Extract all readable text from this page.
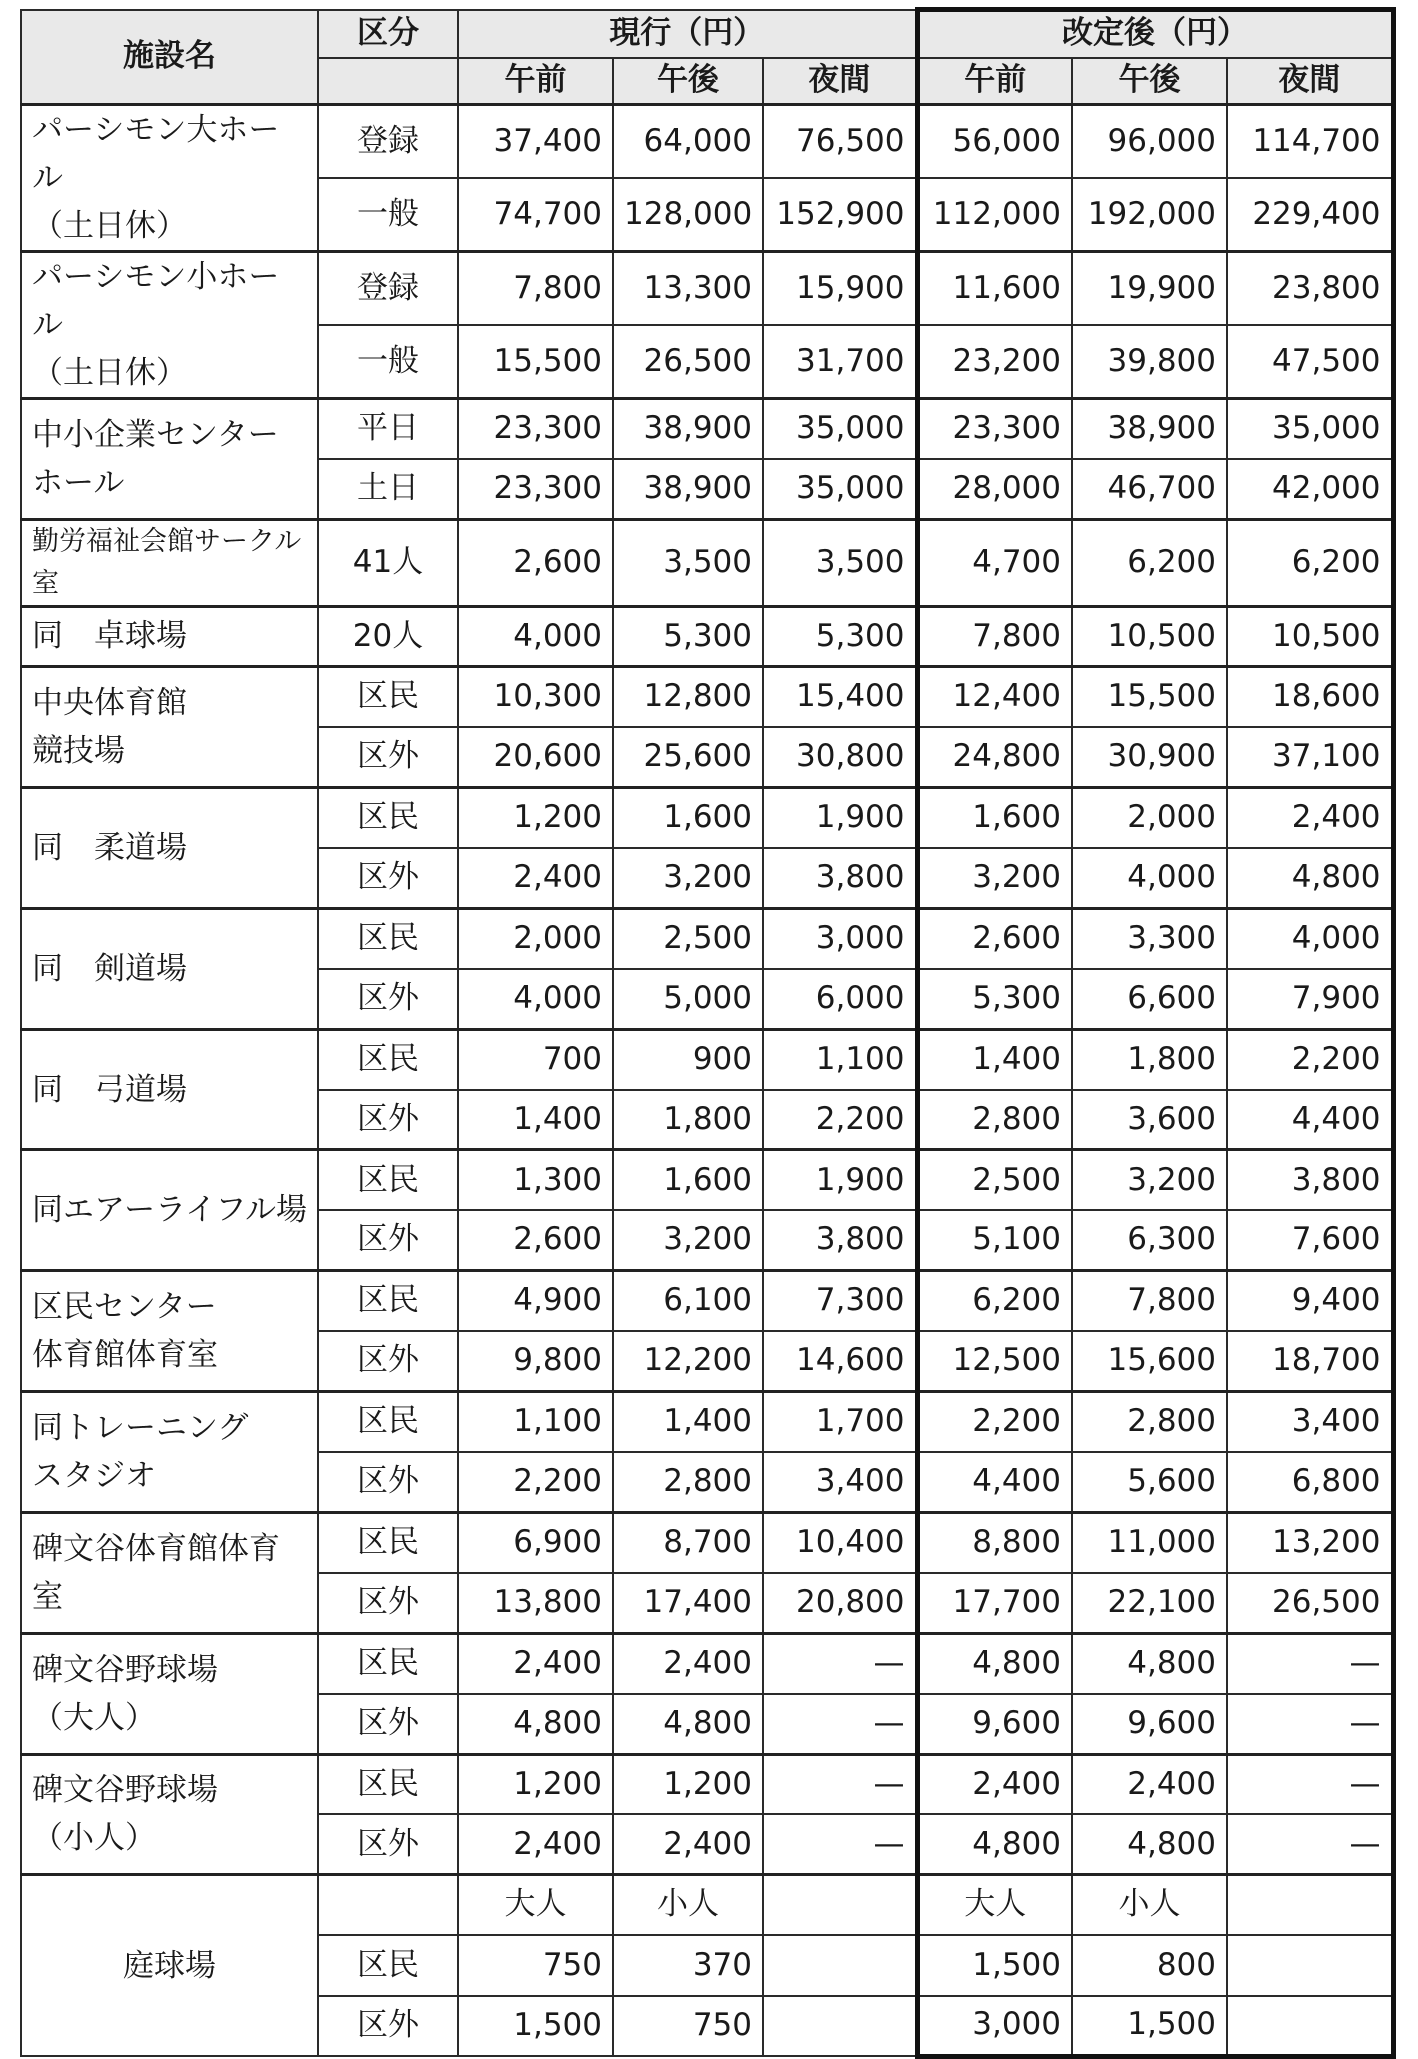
施設名	区分	現行（円）			改定後（円）		
		午前	午後	夜間	午前	午後	夜間
パーシモン大ホール
（土日休）	登録	37,400	64,000	76,500	56,000	96,000	114,700
	一般	74,700	128,000	152,900	112,000	192,000	229,400
パーシモン小ホール
（土日休）	登録	7,800	13,300	15,900	11,600	19,900	23,800
	一般	15,500	26,500	31,700	23,200	39,800	47,500
中小企業センター
ホール	平日	23,300	38,900	35,000	23,300	38,900	35,000
	土日	23,300	38,900	35,000	28,000	46,700	42,000
勤労福祉会館サークル室	41人	2,600	3,500	3,500	4,700	6,200	6,200
同　卓球場	20人	4,000	5,300	5,300	7,800	10,500	10,500
中央体育館
競技場	区民	10,300	12,800	15,400	12,400	15,500	18,600
	区外	20,600	25,600	30,800	24,800	30,900	37,100
同　柔道場	区民	1,200	1,600	1,900	1,600	2,000	2,400
	区外	2,400	3,200	3,800	3,200	4,000	4,800
同　剣道場	区民	2,000	2,500	3,000	2,600	3,300	4,000
	区外	4,000	5,000	6,000	5,300	6,600	7,900
同　弓道場	区民	700	900	1,100	1,400	1,800	2,200
	区外	1,400	1,800	2,200	2,800	3,600	4,400
同エアーライフル場	区民	1,300	1,600	1,900	2,500	3,200	3,800
	区外	2,600	3,200	3,800	5,100	6,300	7,600
区民センター
体育館体育室	区民	4,900	6,100	7,300	6,200	7,800	9,400
	区外	9,800	12,200	14,600	12,500	15,600	18,700
同トレーニング
スタジオ	区民	1,100	1,400	1,700	2,200	2,800	3,400
	区外	2,200	2,800	3,400	4,400	5,600	6,800
碑文谷体育館体育室	区民	6,900	8,700	10,400	8,800	11,000	13,200
	区外	13,800	17,400	20,800	17,700	22,100	26,500
碑文谷野球場
（大人）	区民	2,400	2,400	—	4,800	4,800	—
	区外	4,800	4,800	—	9,600	9,600	—
碑文谷野球場
（小人）	区民	1,200	1,200	—	2,400	2,400	—
	区外	2,400	2,400	—	4,800	4,800	—
庭球場		大人	小人		大人	小人	
	区民	750	370		1,500	800	
	区外	1,500	750		3,000	1,500	
